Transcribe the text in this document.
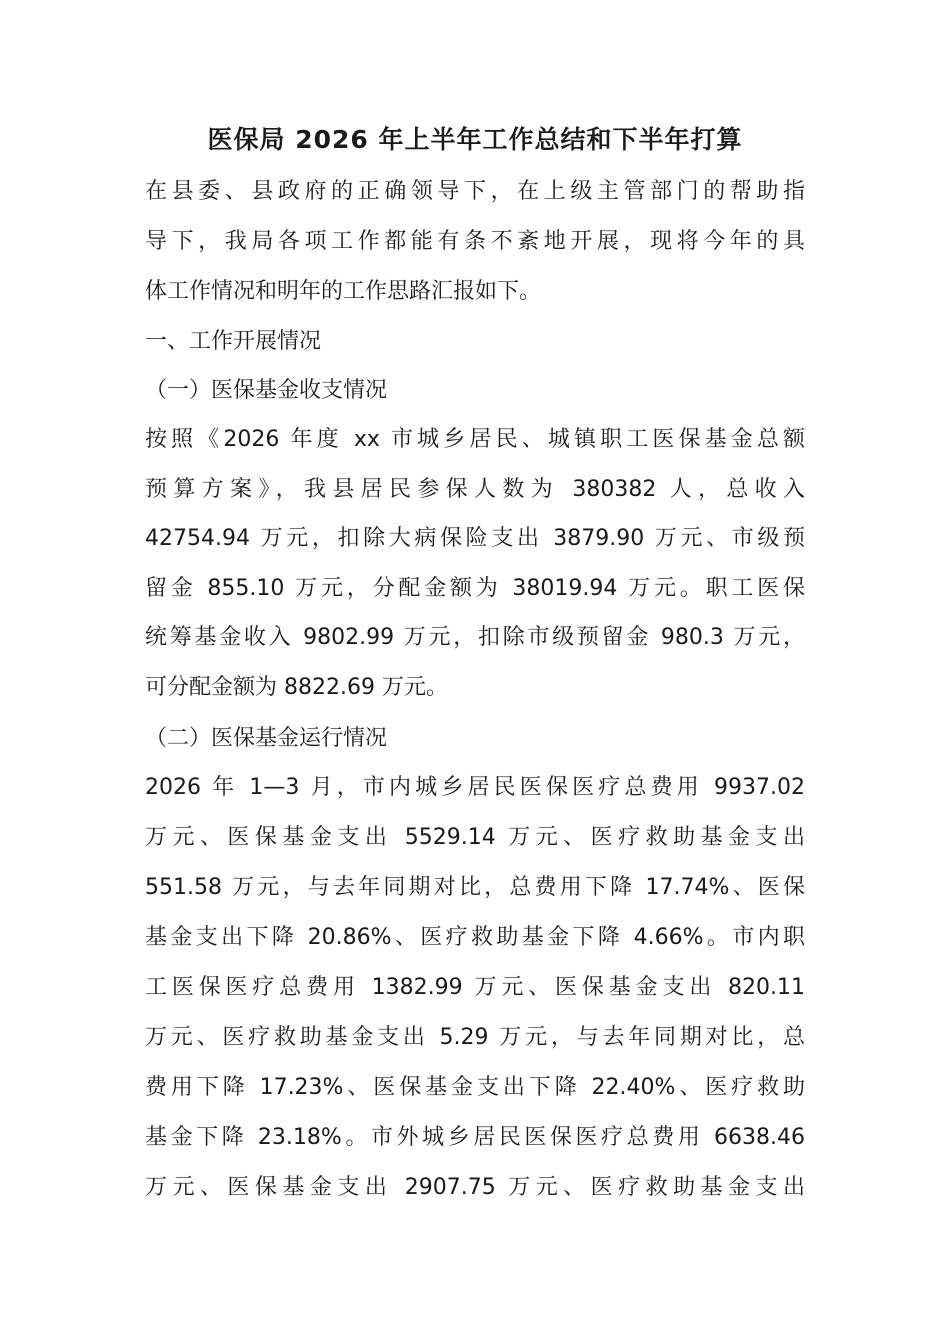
医保局 2026 年上半年工作总结和下半年打算
在县委、县政府的正确领导下，在上级主管部门的帮助指
导下，我局各项工作都能有条不紊地开展，现将今年的具
体工作情况和明年的工作思路汇报如下。
一、工作开展情况
（一）医保基金收支情况
按照《2026 年度 xx 市城乡居民、城镇职工医保基金总额
预算方案》，我县居民参保人数为 380382 人，总收入
42754.94 万元，扣除大病保险支出 3879.90 万元、市级预
留金 855.10 万元，分配金额为 38019.94 万元。职工医保
统筹基金收入 9802.99 万元，扣除市级预留金 980.3 万元，
可分配金额为 8822.69 万元。
（二）医保基金运行情况
2026 年 1—3 月，市内城乡居民医保医疗总费用 9937.02
万元、医保基金支出 5529.14 万元、医疗救助基金支出
551.58 万元，与去年同期对比，总费用下降 17.74%、医保
基金支出下降 20.86%、医疗救助基金下降 4.66%。市内职
工医保医疗总费用 1382.99 万元、医保基金支出 820.11
万元、医疗救助基金支出 5.29 万元，与去年同期对比，总
费用下降 17.23%、医保基金支出下降 22.40%、医疗救助
基金下降 23.18%。市外城乡居民医保医疗总费用 6638.46
万元、医保基金支出 2907.75 万元、医疗救助基金支出
